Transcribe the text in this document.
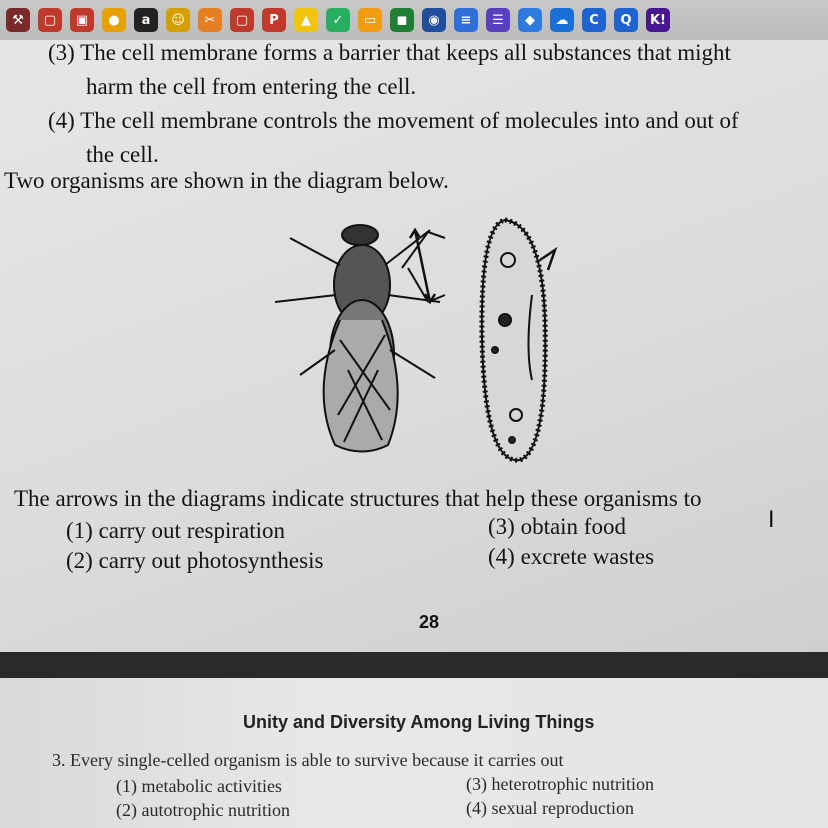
⚒	▢	▣	●	a	☺	✂	▢	P	▲	✓	▭	◼	◉	≡	☰	◆	☁	C	Q	K!
(3) The cell membrane forms a barrier that keeps all substances that might
harm the cell from entering the cell.
(4) The cell membrane controls the movement of molecules into and out of
the cell.
Two organisms are shown in the diagram below.
The arrows in the diagrams indicate structures that help these organisms to
(1) carry out respiration
(2) carry out photosynthesis
(3) obtain food
(4) excrete wastes
I
28
Unity and Diversity Among Living Things
3. Every single-celled organism is able to survive because it carries out
(1) metabolic activities
(2) autotrophic nutrition
(3) heterotrophic nutrition
(4) sexual reproduction
